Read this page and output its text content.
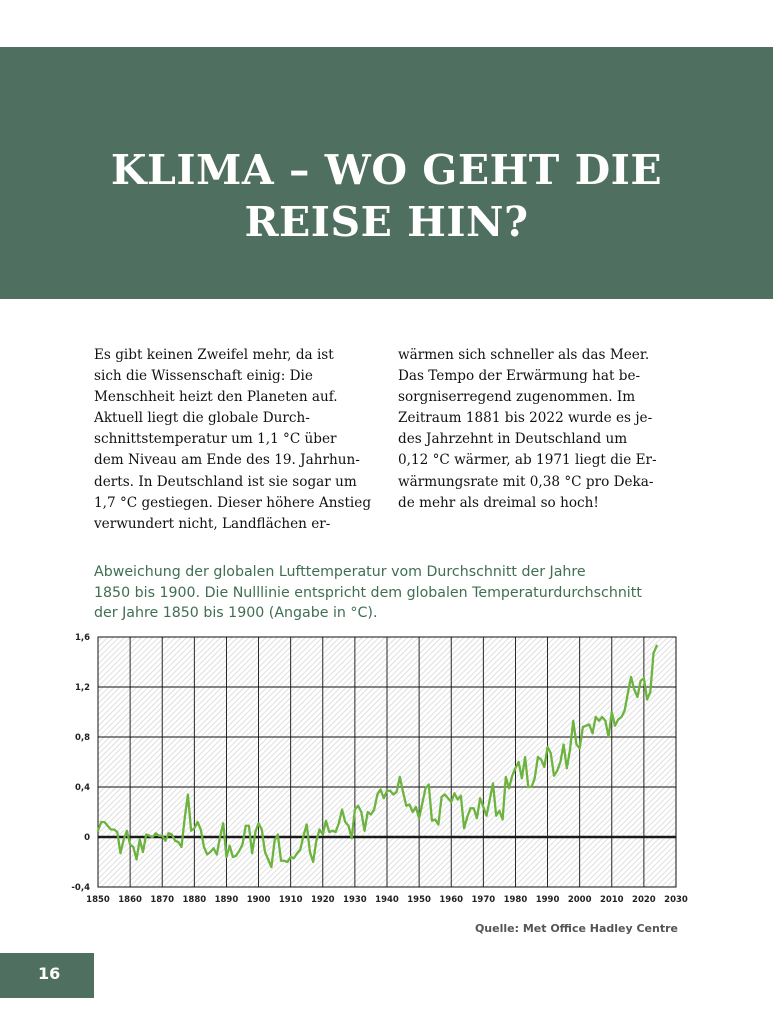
KLIMA – WO GEHT DIE
REISE HIN?
Es gibt keinen Zweifel mehr, da ist
sich die Wissenschaft einig: Die
Menschheit heizt den Planeten auf.
Aktuell liegt die globale Durch-
schnittstemperatur um 1,1 °C über
dem Niveau am Ende des 19. Jahrhun-
derts. In Deutschland ist sie sogar um
1,7 °C gestiegen. Dieser höhere Anstieg
verwundert nicht, Landflächen er-
wärmen sich schneller als das Meer.
Das Tempo der Erwärmung hat be-
sorgniserregend zugenommen. Im
Zeitraum 1881 bis 2022 wurde es je-
des Jahrzehnt in Deutschland um
0,12 °C wärmer, ab 1971 liegt die Er-
wärmungsrate mit 0,38 °C pro Deka-
de mehr als dreimal so hoch!
Abweichung der globalen Lufttemperatur vom Durchschnitt der Jahre
1850 bis 1900. Die Nulllinie entspricht dem globalen Temperaturdurchschnitt
der Jahre 1850 bis 1900 (Angabe in °C).
1850 1860 1870 1880 1890 1900 1910 1920 1930 1940 1950 1960 1970 1980 1990 2000 2010 2020 2030
-0,4
0
0,4
0,8
1,2
1,6
Quelle: Met Office Hadley Centre
16
